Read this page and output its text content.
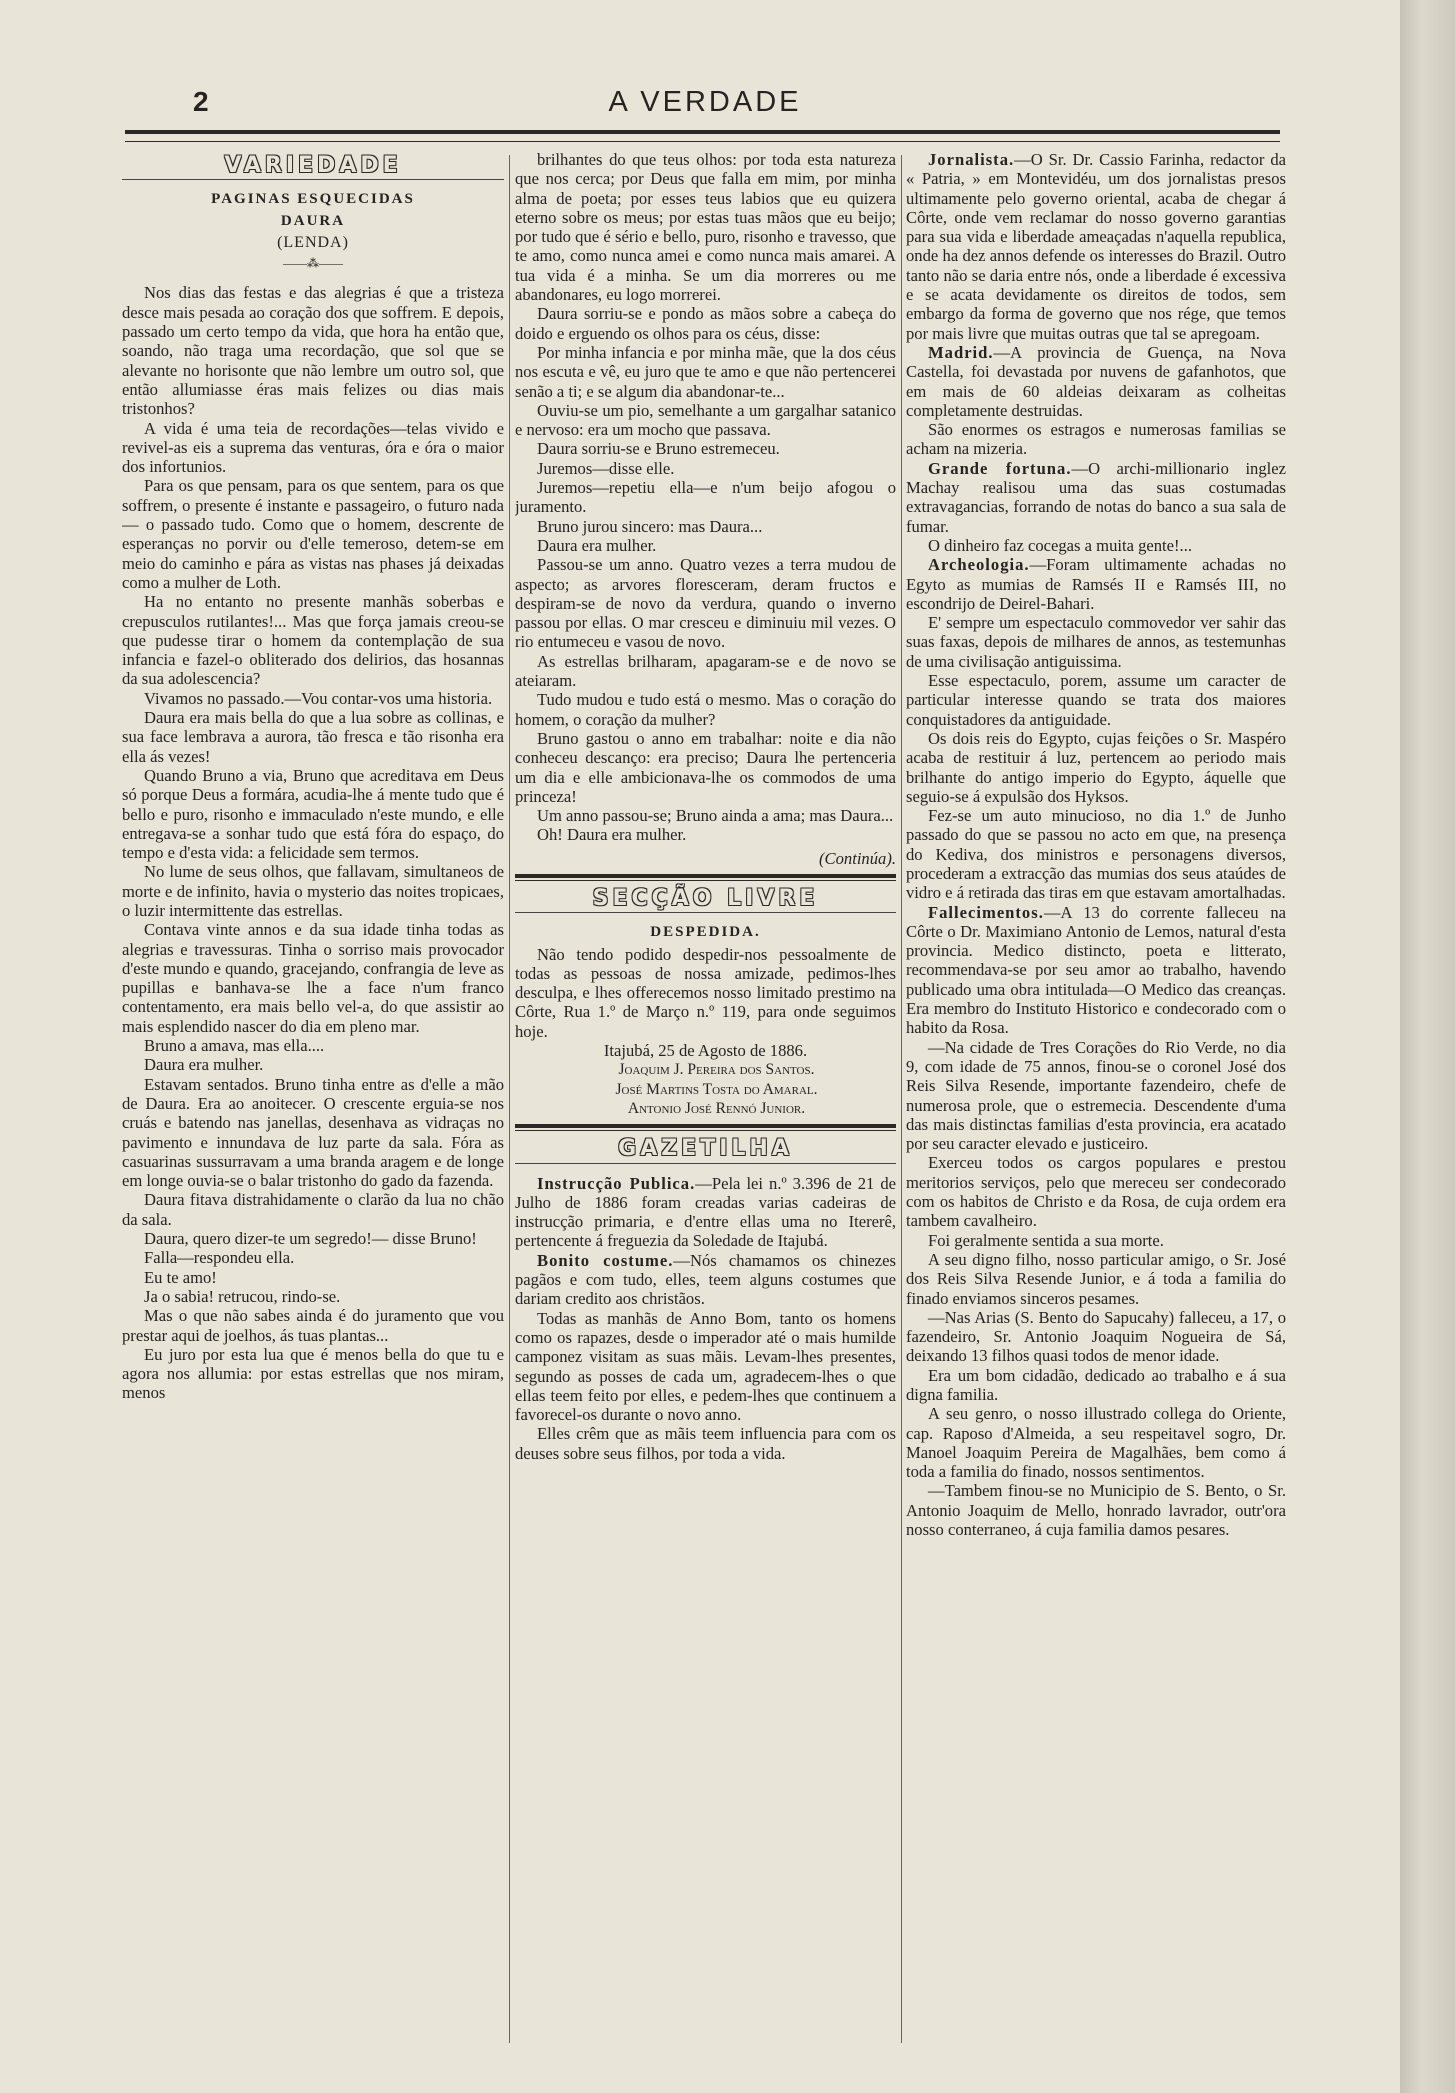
2	A VERDADE
VARIEDADE
PAGINAS ESQUECIDAS
DAURA
(LENDA)
——⁂——

Nos dias das festas e das alegrias é que a tristeza desce mais pesada ao coração dos que soffrem. E depois, passado um certo tempo da vida, que hora ha então que, soando, não traga uma recordação, que sol que se alevante no horisonte que não lembre um outro sol, que então allumiasse éras mais felizes ou dias mais tristonhos?

A vida é uma teia de recordações—telas vivido e revivel-as eis a suprema das venturas, óra e óra o maior dos infortunios.

Para os que pensam, para os que sentem, para os que soffrem, o presente é instante e passageiro, o futuro nada — o passado tudo. Como que o homem, descrente de esperanças no porvir ou d'elle temeroso, detem-se em meio do caminho e pára as vistas nas phases já deixadas como a mulher de Loth.

Ha no entanto no presente manhãs soberbas e crepusculos rutilantes!... Mas que força jamais creou-se que pudesse tirar o homem da contemplação de sua infancia e fazel-o obliterado dos delirios, das hosannas da sua adolescencia?

Vivamos no passado.—Vou contar-vos uma historia.

Daura era mais bella do que a lua sobre as collinas, e sua face lembrava a aurora, tão fresca e tão risonha era ella ás vezes!

Quando Bruno a via, Bruno que acreditava em Deus só porque Deus a formára, acudia-lhe á mente tudo que é bello e puro, risonho e immaculado n'este mundo, e elle entregava-se a sonhar tudo que está fóra do espaço, do tempo e d'esta vida: a felicidade sem termos.

No lume de seus olhos, que fallavam, simultaneos de morte e de infinito, havia o mysterio das noites tropicaes, o luzir intermittente das estrellas.

Contava vinte annos e da sua idade tinha todas as alegrias e travessuras. Tinha o sorriso mais provocador d'este mundo e quando, gracejando, confrangia de leve as pupillas e banhava-se lhe a face n'um franco contentamento, era mais bello vel-a, do que assistir ao mais esplendido nascer do dia em pleno mar.

Bruno a amava, mas ella....

Daura era mulher.

Estavam sentados. Bruno tinha entre as d'elle a mão de Daura. Era ao anoitecer. O crescente erguia-se nos cruás e batendo nas janellas, desenhava as vidraças no pavimento e innundava de luz parte da sala. Fóra as casuarinas sussurravam a uma branda aragem e de longe em longe ouvia-se o balar tristonho do gado da fazenda.

Daura fitava distrahidamente o clarão da lua no chão da sala.

Daura, quero dizer-te um segredo!— disse Bruno!

Falla—respondeu ella.

Eu te amo!

Ja o sabia! retrucou, rindo-se.

Mas o que não sabes ainda é do juramento que vou prestar aqui de joelhos, ás tuas plantas...

Eu juro por esta lua que é menos bella do que tu e agora nos allumia: por estas estrellas que nos miram, menos

brilhantes do que teus olhos: por toda esta natureza que nos cerca; por Deus que falla em mim, por minha alma de poeta; por esses teus labios que eu quizera eterno sobre os meus; por estas tuas mãos que eu beijo; por tudo que é sério e bello, puro, risonho e travesso, que te amo, como nunca amei e como nunca mais amarei. A tua vida é a minha. Se um dia morreres ou me abandonares, eu logo morrerei.

Daura sorriu-se e pondo as mãos sobre a cabeça do doido e erguendo os olhos para os céus, disse:

Por minha infancia e por minha mãe, que la dos céus nos escuta e vê, eu juro que te amo e que não pertencerei senão a ti; e se algum dia abandonar-te...

Ouviu-se um pio, semelhante a um gargalhar satanico e nervoso: era um mocho que passava.

Daura sorriu-se e Bruno estremeceu.

Juremos—disse elle.

Juremos—repetiu ella—e n'um beijo afogou o juramento.

Bruno jurou sincero: mas Daura...

Daura era mulher.

Passou-se um anno. Quatro vezes a terra mudou de aspecto; as arvores floresceram, deram fructos e despiram-se de novo da verdura, quando o inverno passou por ellas. O mar cresceu e diminuiu mil vezes. O rio entumeceu e vasou de novo.

As estrellas brilharam, apagaram-se e de novo se ateiaram.

Tudo mudou e tudo está o mesmo. Mas o coração do homem, o coração da mulher?

Bruno gastou o anno em trabalhar: noite e dia não conheceu descanço: era preciso; Daura lhe pertenceria um dia e elle ambicionava-lhe os commodos de uma princeza!

Um anno passou-se; Bruno ainda a ama; mas Daura...

Oh! Daura era mulher.

(Continúa).
SECÇÃO LIVRE
DESPEDIDA.

Não tendo podido despedir-nos pessoalmente de todas as pessoas de nossa amizade, pedimos-lhes desculpa, e lhes offerecemos nosso limitado prestimo na Côrte, Rua 1.º de Março n.º 119, para onde seguimos hoje.

Itajubá, 25 de Agosto de 1886.

Joaquim J. Pereira dos Santos.

José Martins Tosta do Amaral.

Antonio José Rennó Junior.

GAZETILHA

Instrucção Publica.—Pela lei n.º 3.396 de 21 de Julho de 1886 foram creadas varias cadeiras de instrucção primaria, e d'entre ellas uma no Itererê, pertencente á freguezia da Soledade de Itajubá.

Bonito costume.—Nós chamamos os chinezes pagãos e com tudo, elles, teem alguns costumes que dariam credito aos christãos.

Todas as manhãs de Anno Bom, tanto os homens como os rapazes, desde o imperador até o mais humilde camponez visitam as suas mãis. Levam-lhes presentes, segundo as posses de cada um, agradecem-lhes o que ellas teem feito por elles, e pedem-lhes que continuem a favorecel-os durante o novo anno.

Elles crêm que as mãis teem influencia para com os deuses sobre seus filhos, por toda a vida.

Jornalista.—O Sr. Dr. Cassio Farinha, redactor da « Patria, » em Montevidéu, um dos jornalistas presos ultimamente pelo governo oriental, acaba de chegar á Côrte, onde vem reclamar do nosso governo garantias para sua vida e liberdade ameaçadas n'aquella republica, onde ha dez annos defende os interesses do Brazil. Outro tanto não se daria entre nós, onde a liberdade é excessiva e se acata devidamente os direitos de todos, sem embargo da forma de governo que nos rége, que temos por mais livre que muitas outras que tal se apregoam.

Madrid.—A provincia de Guença, na Nova Castella, foi devastada por nuvens de gafanhotos, que em mais de 60 aldeias deixaram as colheitas completamente destruidas.

São enormes os estragos e numerosas familias se acham na mizeria.

Grande fortuna.—O archi-millionario inglez Machay realisou uma das suas costumadas extravagancias, forrando de notas do banco a sua sala de fumar.

O dinheiro faz cocegas a muita gente!...

Archeologia.—Foram ultimamente achadas no Egyto as mumias de Ramsés II e Ramsés III, no escondrijo de Deirel-Bahari.

E' sempre um espectaculo commovedor ver sahir das suas faxas, depois de milhares de annos, as testemunhas de uma civilisação antiguissima.

Esse espectaculo, porem, assume um caracter de particular interesse quando se trata dos maiores conquistadores da antiguidade.

Os dois reis do Egypto, cujas feições o Sr. Maspéro acaba de restituir á luz, pertencem ao periodo mais brilhante do antigo imperio do Egypto, áquelle que seguio-se á expulsão dos Hyksos.

Fez-se um auto minucioso, no dia 1.º de Junho passado do que se passou no acto em que, na presença do Kediva, dos ministros e personagens diversos, procederam a extracção das mumias dos seus ataúdes de vidro e á retirada das tiras em que estavam amortalhadas.

Fallecimentos.—A 13 do corrente falleceu na Côrte o Dr. Maximiano Antonio de Lemos, natural d'esta provincia. Medico distincto, poeta e litterato, recommendava-se por seu amor ao trabalho, havendo publicado uma obra intitulada—O Medico das creanças. Era membro do Instituto Historico e condecorado com o habito da Rosa.

—Na cidade de Tres Corações do Rio Verde, no dia 9, com idade de 75 annos, finou-se o coronel José dos Reis Silva Resende, importante fazendeiro, chefe de numerosa prole, que o estremecia. Descendente d'uma das mais distinctas familias d'esta provincia, era acatado por seu caracter elevado e justiceiro.

Exerceu todos os cargos populares e prestou meritorios serviços, pelo que mereceu ser condecorado com os habitos de Christo e da Rosa, de cuja ordem era tambem cavalheiro.

Foi geralmente sentida a sua morte.

A seu digno filho, nosso particular amigo, o Sr. José dos Reis Silva Resende Junior, e á toda a familia do finado enviamos sinceros pesames.

—Nas Arias (S. Bento do Sapucahy) falleceu, a 17, o fazendeiro, Sr. Antonio Joaquim Nogueira de Sá, deixando 13 filhos quasi todos de menor idade.

Era um bom cidadão, dedicado ao trabalho e á sua digna familia.

A seu genro, o nosso illustrado collega do Oriente, cap. Raposo d'Almeida, a seu respeitavel sogro, Dr. Manoel Joaquim Pereira de Magalhães, bem como á toda a familia do finado, nossos sentimentos.

—Tambem finou-se no Municipio de S. Bento, o Sr. Antonio Joaquim de Mello, honrado lavrador, outr'ora nosso conterraneo, á cuja familia damos pesares.
